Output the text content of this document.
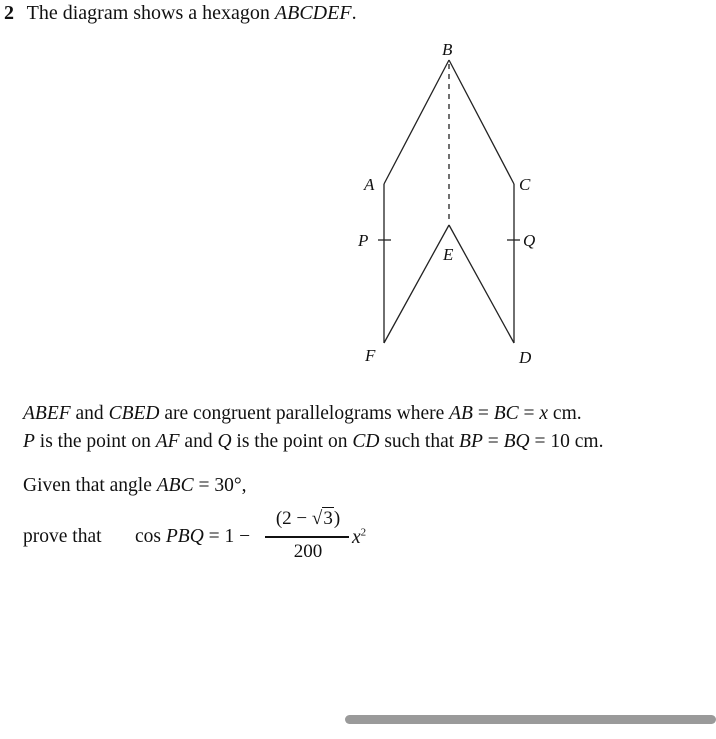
2 The diagram shows a hexagon ABCDEF.
B
A	C
P
E
Q
F	D
ABEF and CBED are congruent parallelograms where AB = BC = x cm.
P is the point on AF and Q is the point on CD such that BP = BQ = 10 cm.
Given that angle ABC = 30°,
prove that cos PBQ = 1 −
(2 − √3)
200
$x^2$
